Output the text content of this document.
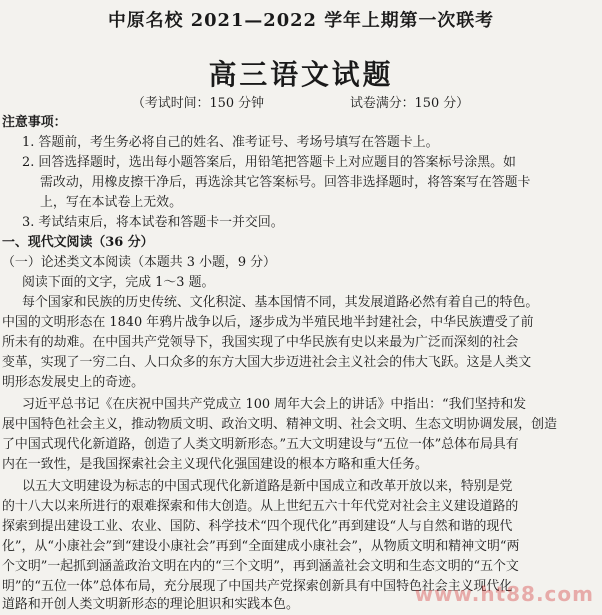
中原名校 2021—2022 学年上期第一次联考
高三语文试题
（考试时间：150 分钟	试卷满分：150 分）
注意事项：
1. 答题前，考生务必将自己的姓名、准考证号、考场号填写在答题卡上。
2. 回答选择题时，选出每小题答案后，用铅笔把答题卡上对应题目的答案标号涂黑。如
需改动，用橡皮擦干净后，再选涂其它答案标号。回答非选择题时，将答案写在答题卡
上，写在本试卷上无效。
3. 考试结束后，将本试卷和答题卡一并交回。
一、现代文阅读（36 分）
（一）论述类文本阅读（本题共 3 小题，9 分）
阅读下面的文字，完成 1～3 题。
每个国家和民族的历史传统、文化积淀、基本国情不同，其发展道路必然有着自己的特色。
中国的文明形态在 1840 年鸦片战争以后，逐步成为半殖民地半封建社会，中华民族遭受了前
所未有的劫难。在中国共产党领导下，我国实现了中华民族有史以来最为广泛而深刻的社会
变革，实现了一穷二白、人口众多的东方大国大步迈进社会主义社会的伟大飞跃。这是人类文
明形态发展史上的奇迹。
习近平总书记《在庆祝中国共产党成立 100 周年大会上的讲话》中指出：“我们坚持和发
展中国特色社会主义，推动物质文明、政治文明、精神文明、社会文明、生态文明协调发展，创造
了中国式现代化新道路，创造了人类文明新形态。”五大文明建设与“五位一体”总体布局具有
内在一致性，是我国探索社会主义现代化强国建设的根本方略和重大任务。
以五大文明建设为标志的中国式现代化新道路是新中国成立和改革开放以来，特别是党
的十八大以来所进行的艰难探索和伟大创造。从上世纪五六十年代党对社会主义建设道路的
探索到提出建设工业、农业、国防、科学技术“四个现代化”再到建设“人与自然和谐的现代
化”，从“小康社会”到“建设小康社会”再到“全面建成小康社会”，从物质文明和精神文明“两
个文明”一起抓到涵盖政治文明在内的“三个文明”，再到涵盖社会文明和生态文明的“五个文
明”的“五位一体”总体布局，充分展现了中国共产党探索创新具有中国特色社会主义现代化
道路和开创人类文明新形态的理论胆识和实践本色。	www.ht88.com
